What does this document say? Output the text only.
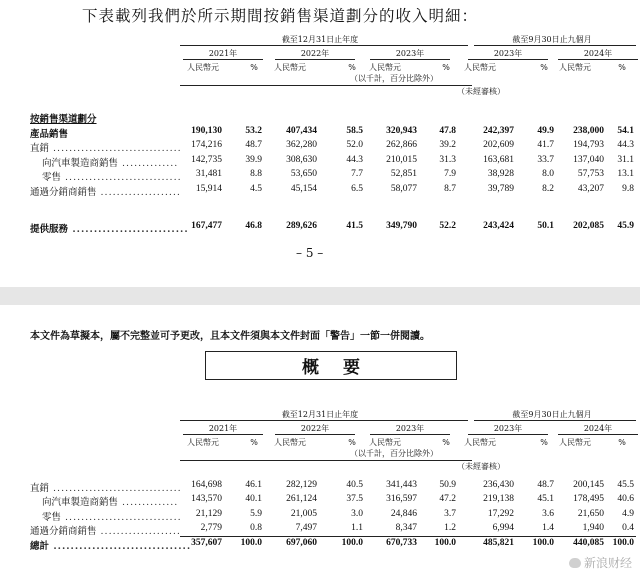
下表載列我們於所示期間按銷售渠道劃分的收入明細：
截至12月31日止年度	截至9月30日止九個月
2021年	2022年	2023年	2023年	2024年
人民幣元	人民幣元	人民幣元	人民幣元	人民幣元
%	%	%	%	%
（以千計，百分比除外）
（未經審核）
按銷售渠道劃分
產品銷售	190,130	53.2	407,434	58.5	320,943	47.8	242,397	49.9	238,000	54.1
直銷 ................................ 174,216	48.7	362,280	52.0	262,866	39.2	202,609	41.7	194,793	44.3
向汽車製造商銷售 ..............	142,735	39.9	308,630	44.3	210,015	31.3	163,681	33.7	137,040	31.1
零售 .............................	31,481	8.8	53,650	7.7	52,851	7.9	38,928	8.0	57,753	13.1
通過分銷商銷售 ....................	15,914	4.5	45,154	6.5	58,077	8.7	39,789	8.2	43,207	9.8
提供服務 ........................... 167,477	46.8	289,626	41.5	349,790	52.2	243,424	50.1	202,085	45.9
– 5 –
本文件為草擬本，屬不完整並可予更改，且本文件須與本文件封面「警告」一節一併閱讀。
概要
截至12月31日止年度	截至9月30日止九個月
2021年	2022年	2023年	2023年	2024年
人民幣元	人民幣元	人民幣元	人民幣元	人民幣元
%	%	%	%	%
（以千計，百分比除外）
（未經審核）
直銷 ................................ 164,698	46.1	282,129	40.5	341,443	50.9	236,430	48.7	200,145	45.5
向汽車製造商銷售 ..............	143,570	40.1	261,124	37.5	316,597	47.2	219,138	45.1	178,495	40.6
零售 .............................	21,129	5.9	21,005	3.0	24,846	3.7	17,292	3.6	21,650	4.9
通過分銷商銷售 ....................	2,779	0.8	7,497	1.1	8,347	1.2	6,994	1.4	1,940	0.4
總計 ................................ 357,607	100.0	697,060	100.0	670,733	100.0	485,821	100.0	440,085 100.0
新浪财经
